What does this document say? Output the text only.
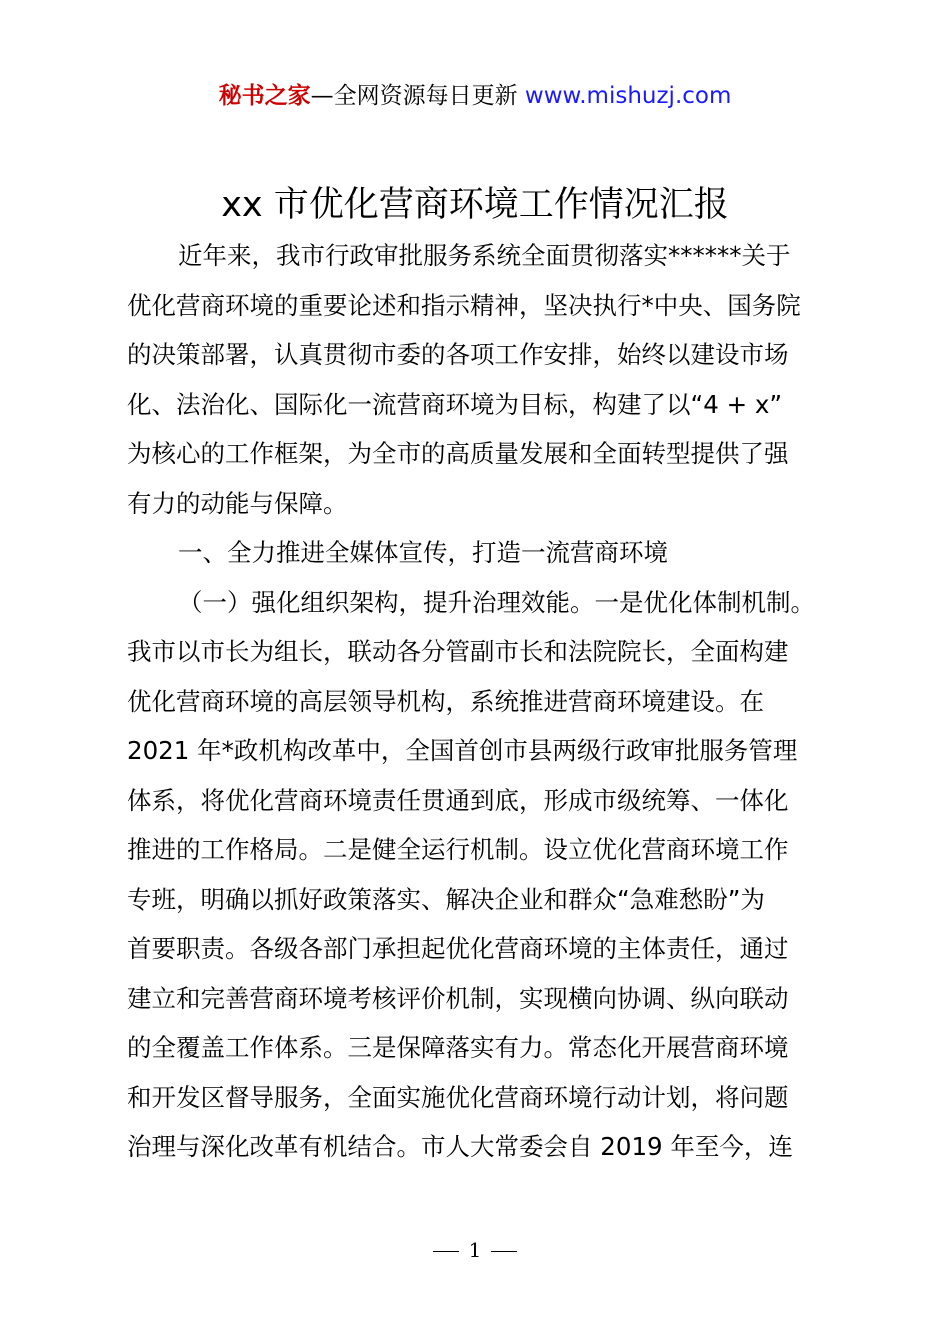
秘书之家—全网资源每日更新 www.mishuzj.com
xx 市优化营商环境工作情况汇报
近年来，我市行政审批服务系统全面贯彻落实******关于
优化营商环境的重要论述和指示精神，坚决执行*中央、国务院
的决策部署，认真贯彻市委的各项工作安排，始终以建设市场
化、法治化、国际化一流营商环境为目标，构建了以“4 + x”
为核心的工作框架，为全市的高质量发展和全面转型提供了强
有力的动能与保障。
一、全力推进全媒体宣传，打造一流营商环境
（一）强化组织架构，提升治理效能。一是优化体制机制。
我市以市长为组长，联动各分管副市长和法院院长，全面构建
优化营商环境的高层领导机构，系统推进营商环境建设。在
2021 年*政机构改革中，全国首创市县两级行政审批服务管理
体系，将优化营商环境责任贯通到底，形成市级统筹、一体化
推进的工作格局。二是健全运行机制。设立优化营商环境工作
专班，明确以抓好政策落实、解决企业和群众“急难愁盼”为
首要职责。各级各部门承担起优化营商环境的主体责任，通过
建立和完善营商环境考核评价机制，实现横向协调、纵向联动
的全覆盖工作体系。三是保障落实有力。常态化开展营商环境
和开发区督导服务，全面实施优化营商环境行动计划，将问题
治理与深化改革有机结合。市人大常委会自 2019 年至今，连
1
